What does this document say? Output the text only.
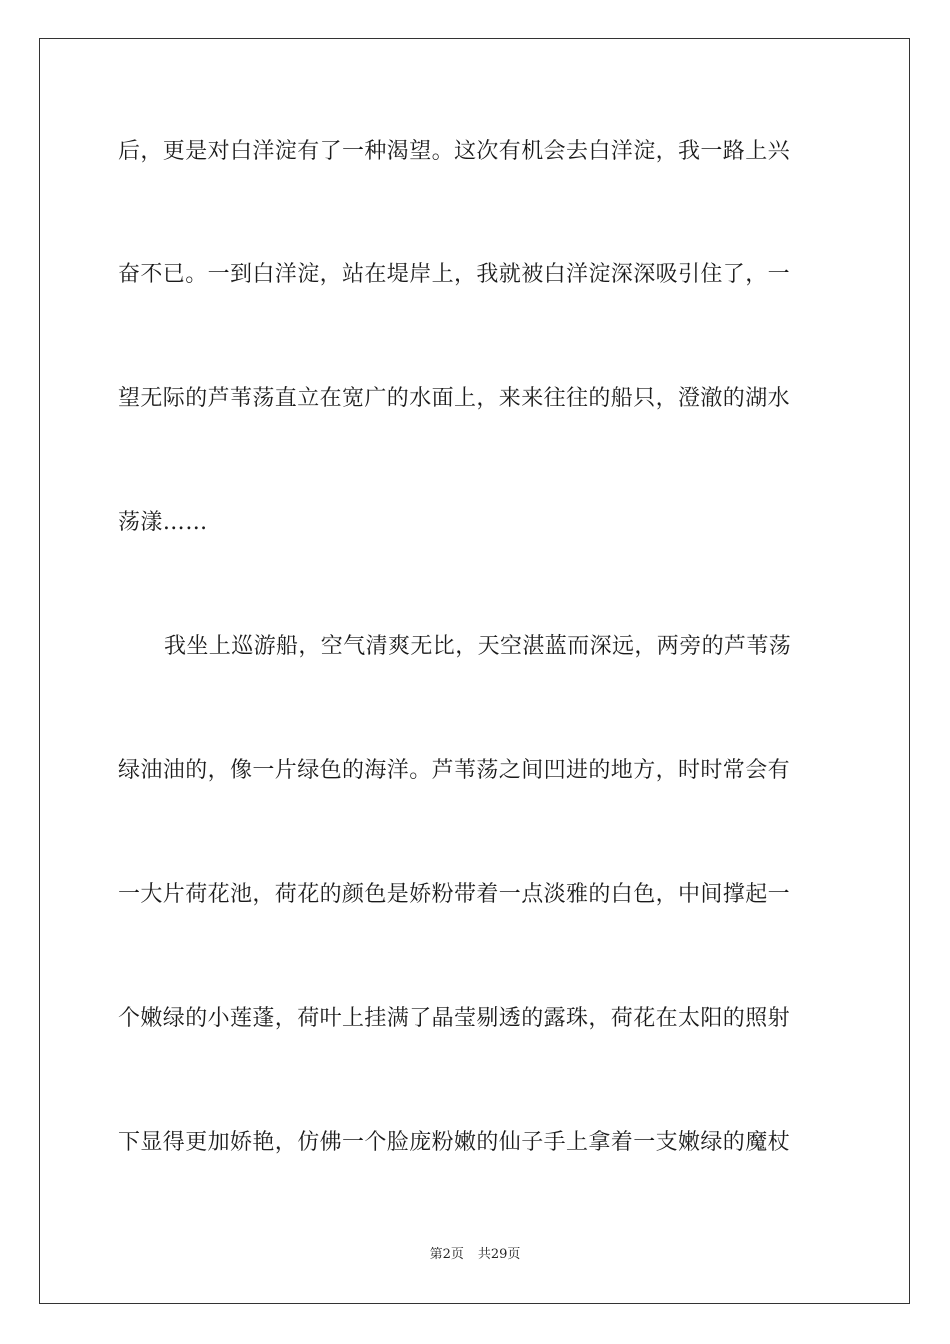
后，更是对白洋淀有了一种渴望。这次有机会去白洋淀，我一路上兴
奋不已。一到白洋淀，站在堤岸上，我就被白洋淀深深吸引住了，一
望无际的芦苇荡直立在宽广的水面上，来来往往的船只，澄澈的湖水
荡漾……
我坐上巡游船，空气清爽无比，天空湛蓝而深远，两旁的芦苇荡
绿油油的，像一片绿色的海洋。芦苇荡之间凹进的地方，时时常会有
一大片荷花池，荷花的颜色是娇粉带着一点淡雅的白色，中间撑起一
个嫩绿的小莲蓬，荷叶上挂满了晶莹剔透的露珠，荷花在太阳的照射
下显得更加娇艳，仿佛一个脸庞粉嫩的仙子手上拿着一支嫩绿的魔杖
第2页 共29页
